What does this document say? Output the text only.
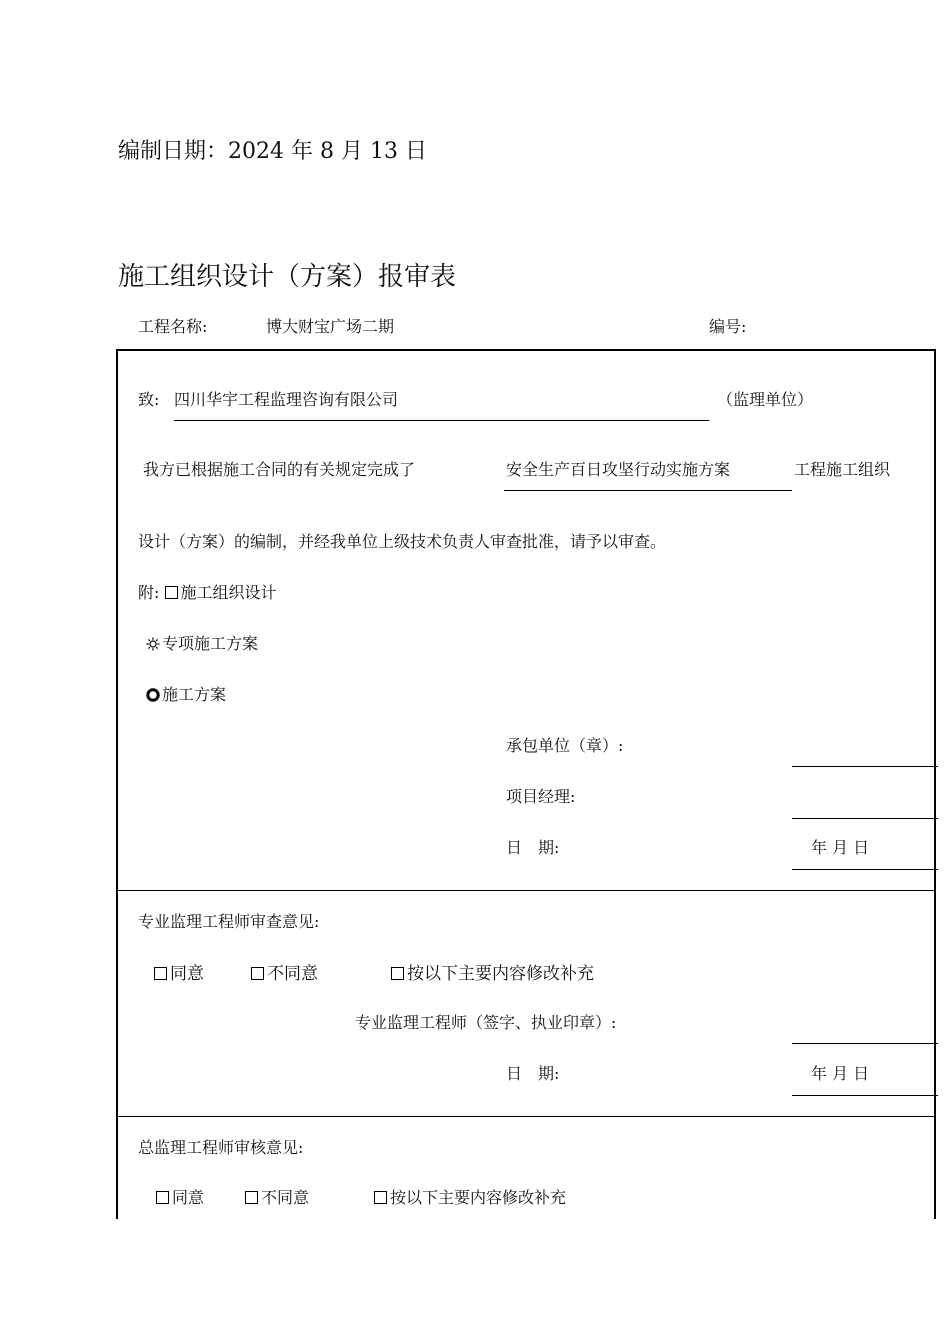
编制日期：2024 年 8 月 13 日
施工组织设计（方案）报审表
工程名称:	博大财宝广场二期	编号:
致: 四川华宇工程监理咨询有限公司	（监理单位）
我方已根据施工合同的有关规定完成了	安全生产百日攻坚行动实施方案	工程施工组织
设计（方案）的编制，并经我单位上级技术负责人审查批准，请予以审查。
附: 施工组织设计
专项施工方案
施工方案
承包单位（章）:
项目经理:
日　期:	年 月 日
专业监理工程师审查意见:
同意	不同意	按以下主要内容修改补充
专业监理工程师（签字、执业印章）:
日　期:	年 月 日
总监理工程师审核意见:
同意	不同意	按以下主要内容修改补充
